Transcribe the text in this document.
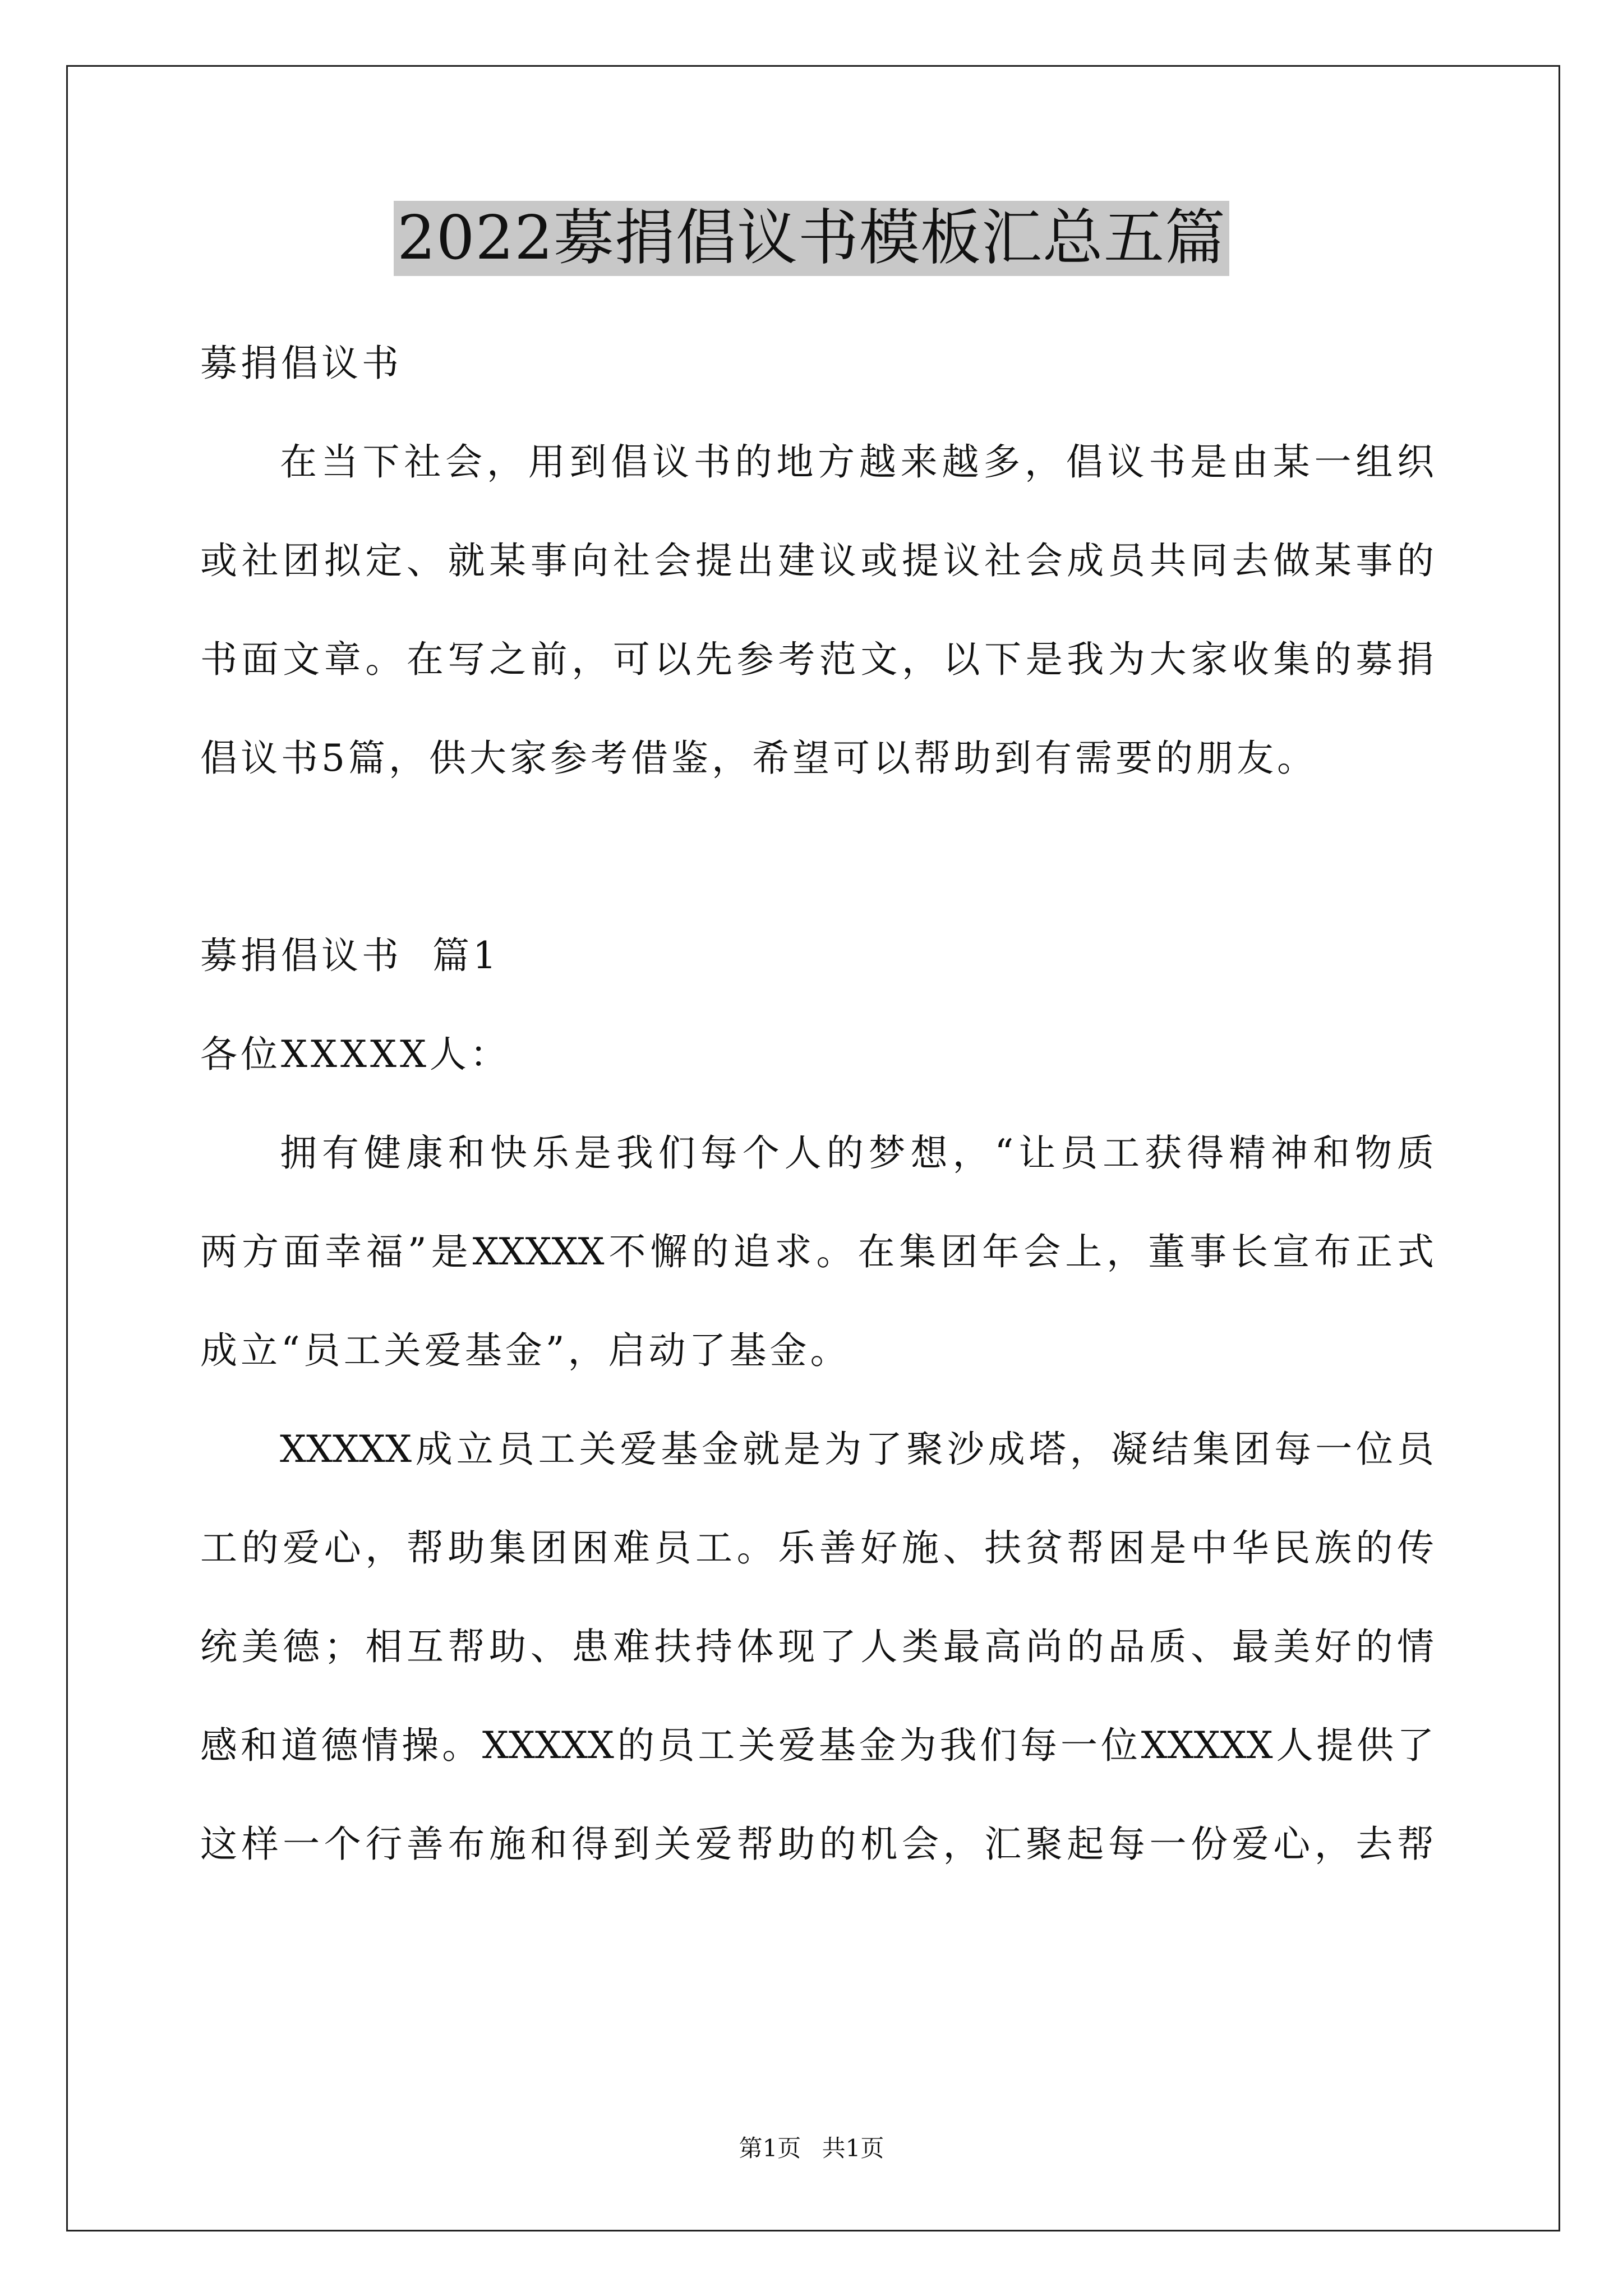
2022募捐倡议书模板汇总五篇
募捐倡议书
在当下社会，用到倡议书的地方越来越多，倡议书是由某一组织
或社团拟定、就某事向社会提出建议或提议社会成员共同去做某事的
书面文章。在写之前，可以先参考范文，以下是我为大家收集的募捐
倡议书5篇，供大家参考借鉴，希望可以帮助到有需要的朋友。
募捐倡议书  篇1
各位XXXXX人：
拥有健康和快乐是我们每个人的梦想，“让员工获得精神和物质
两方面幸福”是XXXXX不懈的追求。在集团年会上，董事长宣布正式
成立“员工关爱基金”，启动了基金。
XXXXX成立员工关爱基金就是为了聚沙成塔，凝结集团每一位员
工的爱心，帮助集团困难员工。乐善好施、扶贫帮困是中华民族的传
统美德；相互帮助、患难扶持体现了人类最高尚的品质、最美好的情
感和道德情操。XXXXX的员工关爱基金为我们每一位XXXXX人提供了
这样一个行善布施和得到关爱帮助的机会，汇聚起每一份爱心，去帮
第1页 共1页
